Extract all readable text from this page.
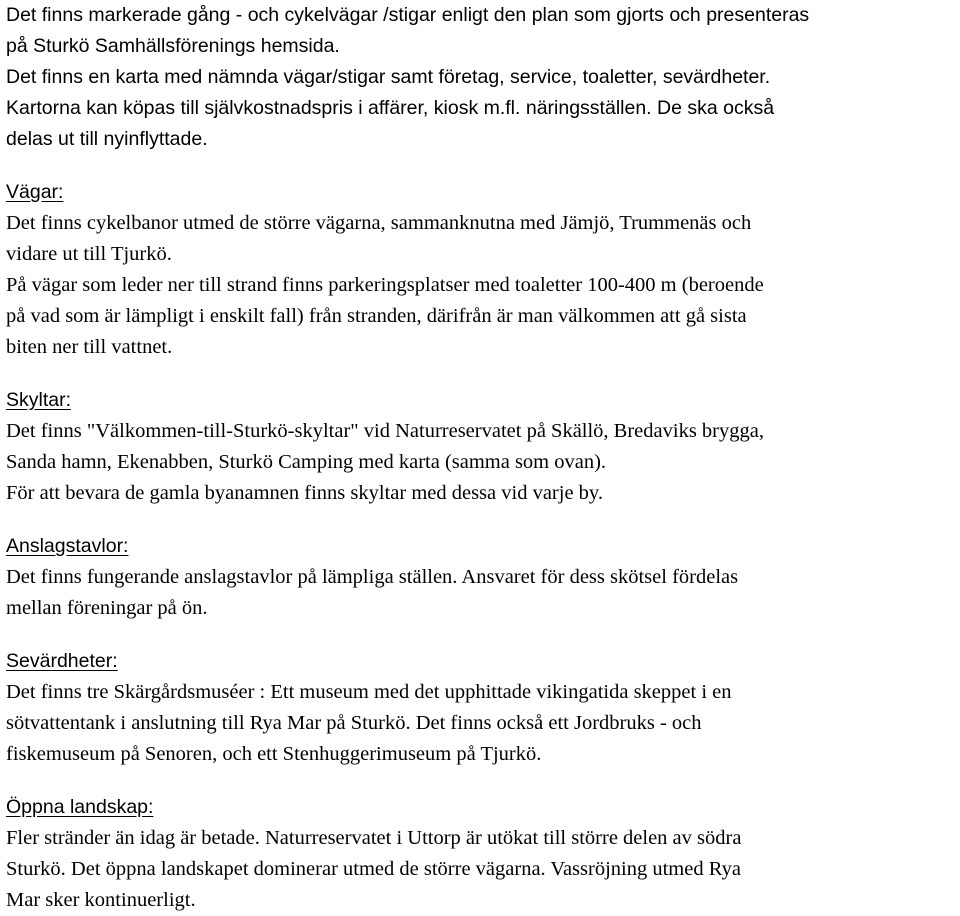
Det finns markerade gång - och cykelvägar /stigar enligt den plan som gjorts och presenteras
på Sturkö Samhällsförenings hemsida.
Det finns en karta med nämnda vägar/stigar samt företag, service, toaletter, sevärdheter.
Kartorna kan köpas till självkostnadspris i affärer, kiosk m.fl. näringsställen. De ska också
delas ut till nyinflyttade.
Vägar:
Det finns cykelbanor utmed de större vägarna, sammanknutna med Jämjö, Trummenäs och
vidare ut till Tjurkö.
På vägar som leder ner till strand finns parkeringsplatser med toaletter 100-400 m (beroende
på vad som är lämpligt i enskilt fall) från stranden, därifrån är man välkommen att gå sista
biten ner till vattnet.
Skyltar:
Det finns "Välkommen-till-Sturkö-skyltar" vid Naturreservatet på Skällö, Bredaviks brygga,
Sanda hamn, Ekenabben, Sturkö Camping med karta (samma som ovan).
För att bevara de gamla byanamnen finns skyltar med dessa vid varje by.
Anslagstavlor:
Det finns fungerande anslagstavlor på lämpliga ställen. Ansvaret för dess skötsel fördelas
mellan föreningar på ön.
Sevärdheter:
Det finns tre Skärgårdsmuséer : Ett museum med det upphittade vikingatida skeppet i en
sötvattentank i anslutning till Rya Mar på Sturkö. Det finns också ett Jordbruks - och
fiskemuseum på Senoren, och ett Stenhuggerimuseum på Tjurkö.
Öppna landskap:
Fler stränder än idag är betade. Naturreservatet i Uttorp är utökat till större delen av södra
Sturkö. Det öppna landskapet dominerar utmed de större vägarna. Vassröjning utmed Rya
Mar sker kontinuerligt.
